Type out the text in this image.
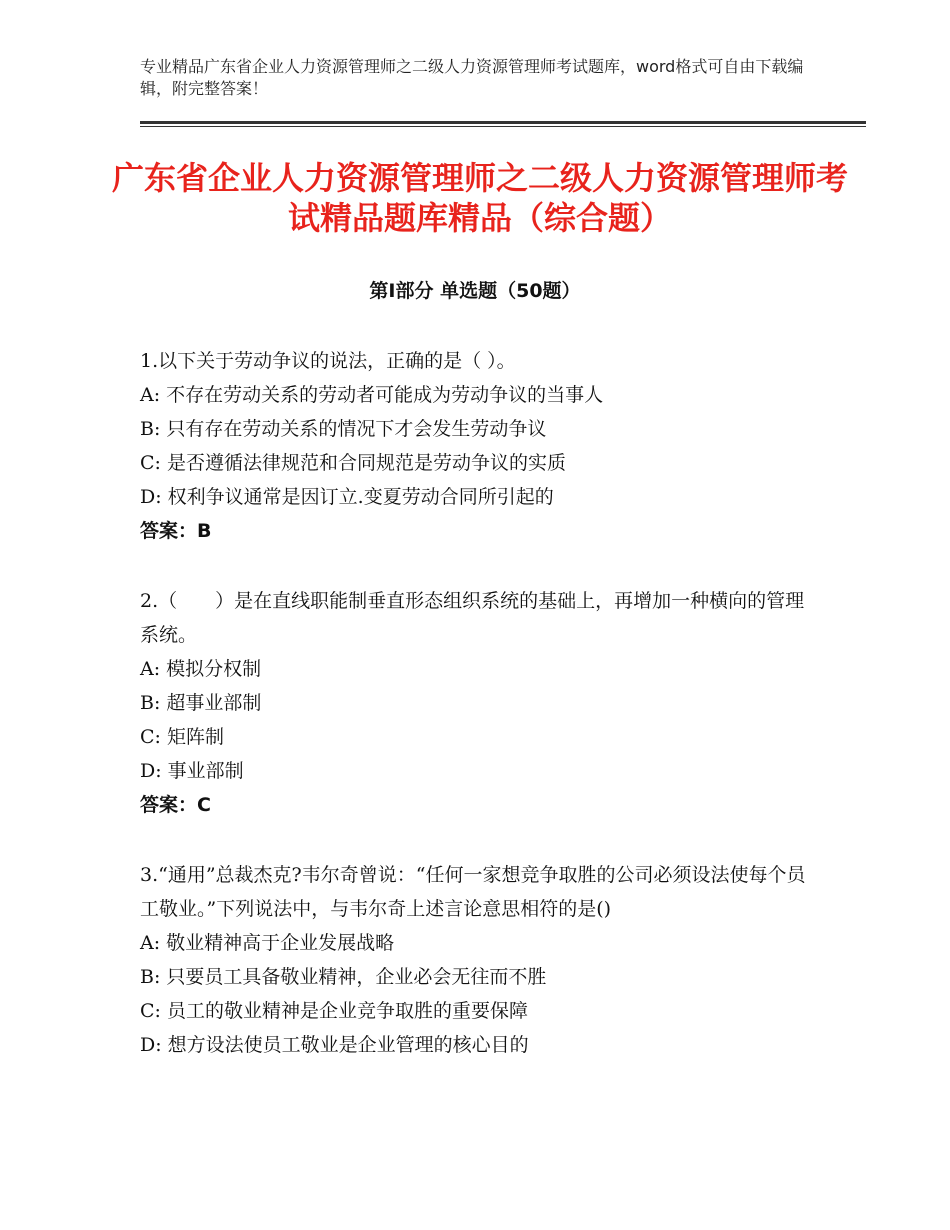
专业精品广东省企业人力资源管理师之二级人力资源管理师考试题库，word格式可自由下载编辑，附完整答案！
广东省企业人力资源管理师之二级人力资源管理师考试精品题库精品（综合题）
第Ⅰ部分 单选题（50题）
1.以下关于劳动争议的说法，正确的是（ ）。
A: 不存在劳动关系的劳动者可能成为劳动争议的当事人
B: 只有存在劳动关系的情况下才会发生劳动争议
C: 是否遵循法律规范和合同规范是劳动争议的实质
D: 权利争议通常是因订立.变夏劳动合同所引起的
答案：B
2.（　　）是在直线职能制垂直形态组织系统的基础上，再增加一种横向的管理系统。
A: 模拟分权制
B: 超事业部制
C: 矩阵制
D: 事业部制
答案：C
3.“通用”总裁杰克?韦尔奇曾说：“任何一家想竞争取胜的公司必须设法使每个员工敬业。”下列说法中，与韦尔奇上述言论意思相符的是()
A: 敬业精神高于企业发展战略
B: 只要员工具备敬业精神，企业必会无往而不胜
C: 员工的敬业精神是企业竞争取胜的重要保障
D: 想方设法使员工敬业是企业管理的核心目的
